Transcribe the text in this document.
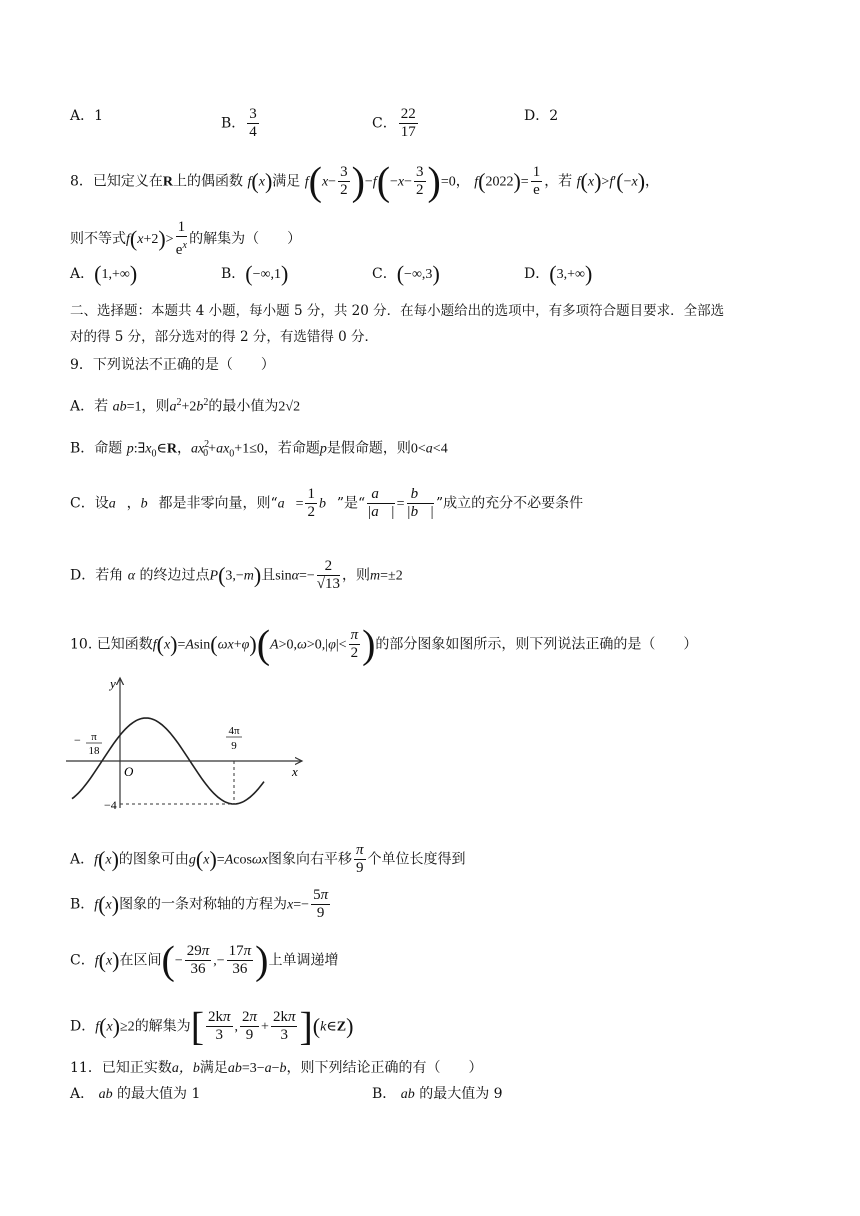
A．1	B． $\frac{3}{4}$	C． $\frac{22}{17}$	D．2
8．已知定义在R上的偶函数 f(x)满足 $f(x- \frac{3}{2} )-f(-x- \frac{3}{2} )=0$， $f(2022)= \frac{1}{e}$ ，若 f(x)>f′(−x)，
则不等式$f(x+2)> \frac{1}{e^x}$ 的解集为（　　）
A．(1,+∞)	B．(−∞,1)	C．(−∞,3)	D．(3,+∞)
二、选择题：本题共 4 小题，每小题 5 分，共 20 分．在每小题给出的选项中，有多项符合题目要求．全部选
对的得 5 分，部分选对的得 2 分，有选错得 0 分．
9．下列说法不正确的是（　　）
A．若 ab=1，则$a^2+2b^2$的最小值为2√2
B．命题 $p:\exists x_0\in R$，$ax^2_0+ax_0+1\le 0$，若命题p是假命题，则0<a<4
C．设a⃗，b⃗都是非零向量，则“a⃗= $\frac{1}{2}$ b⃗”是“ $\frac{a⃗}{|a⃗|} = \frac{b⃗}{|b⃗|}$ ”成立的充分不必要条件
D．若角 α 的终边过点P(3,−m)且$\sin\alpha=- \frac{2}{√13}$ ，则m=±2
10. 已知函数$f(x)=Asin(\omega x+\varphi)(A>0,\omega>0,|\varphi|< \frac{\pi}{2}$ )的部分图象如图所示，则下列说法正确的是（　　）
y
x
O
− π
18
4π
9
−4
A．f(x)的图象可由g(x)=Acosωx图象向右平移 $\frac{\pi}{9}$ 个单位长度得到
B．f(x)图象的一条对称轴的方程为$x=- \frac{5\pi}{9}$
C．f(x)在区间(− $\frac{29\pi}{36}$ ,− $\frac{17\pi}{36}$ )上单调递增
D．f(x)≥2的解集为[ $\frac{2k\pi}{3}$ , $\frac{2\pi}{9} + \frac{2k\pi}{3}$ ](k∈Z)
11．已知正实数a，b满足ab=3−a−b，则下列结论正确的有（　　）
A． ab 的最大值为 1	B． ab 的最大值为 9
